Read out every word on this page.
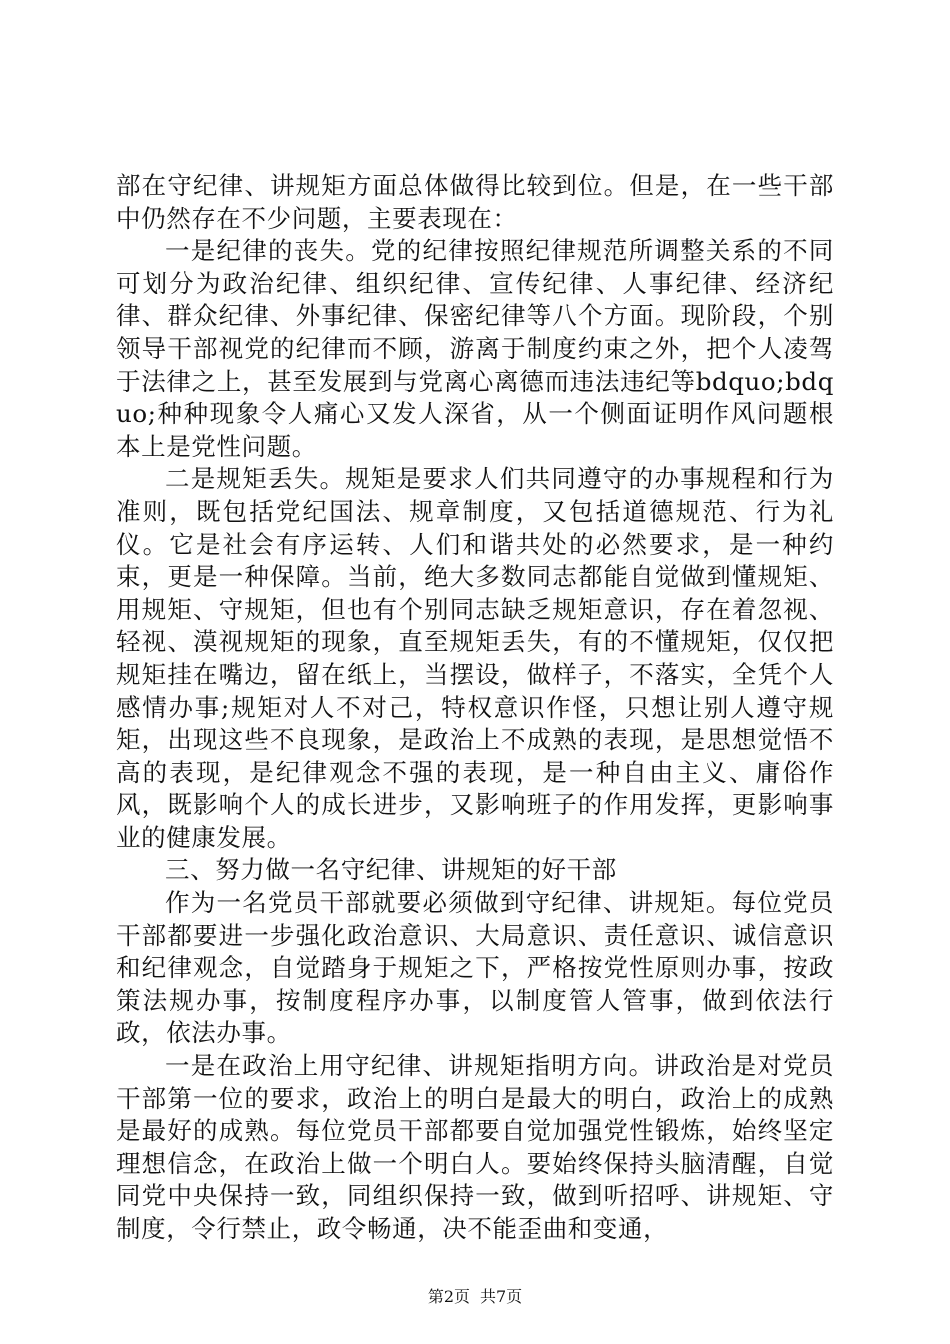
部在守纪律、讲规矩方面总体做得比较到位。但是，在一些干部中仍然存在不少问题，主要表现在：

一是纪律的丧失。党的纪律按照纪律规范所调整关系的不同可划分为政治纪律、组织纪律、宣传纪律、人事纪律、经济纪律、群众纪律、外事纪律、保密纪律等八个方面。现阶段，个别领导干部视党的纪律而不顾，游离于制度约束之外，把个人凌驾于法律之上，甚至发展到与党离心离德而违法违纪等bdquo;bdquo;种种现象令人痛心又发人深省，从一个侧面证明作风问题根本上是党性问题。

二是规矩丢失。规矩是要求人们共同遵守的办事规程和行为准则，既包括党纪国法、规章制度，又包括道德规范、行为礼仪。它是社会有序运转、人们和谐共处的必然要求，是一种约束，更是一种保障。当前，绝大多数同志都能自觉做到懂规矩、用规矩、守规矩，但也有个别同志缺乏规矩意识，存在着忽视、轻视、漠视规矩的现象，直至规矩丢失，有的不懂规矩，仅仅把规矩挂在嘴边，留在纸上，当摆设，做样子，不落实，全凭个人感情办事;规矩对人不对己，特权意识作怪，只想让别人遵守规矩，出现这些不良现象，是政治上不成熟的表现，是思想觉悟不高的表现，是纪律观念不强的表现，是一种自由主义、庸俗作风，既影响个人的成长进步，又影响班子的作用发挥，更影响事业的健康发展。

三、努力做一名守纪律、讲规矩的好干部

作为一名党员干部就要必须做到守纪律、讲规矩。每位党员干部都要进一步强化政治意识、大局意识、责任意识、诚信意识和纪律观念，自觉踏身于规矩之下，严格按党性原则办事，按政策法规办事，按制度程序办事，以制度管人管事，做到依法行政，依法办事。

一是在政治上用守纪律、讲规矩指明方向。讲政治是对党员干部第一位的要求，政治上的明白是最大的明白，政治上的成熟是最好的成熟。每位党员干部都要自觉加强党性锻炼，始终坚定理想信念，在政治上做一个明白人。要始终保持头脑清醒，自觉同党中央保持一致，同组织保持一致，做到听招呼、讲规矩、守制度，令行禁止，政令畅通，决不能歪曲和变通，

第2页 共7页
